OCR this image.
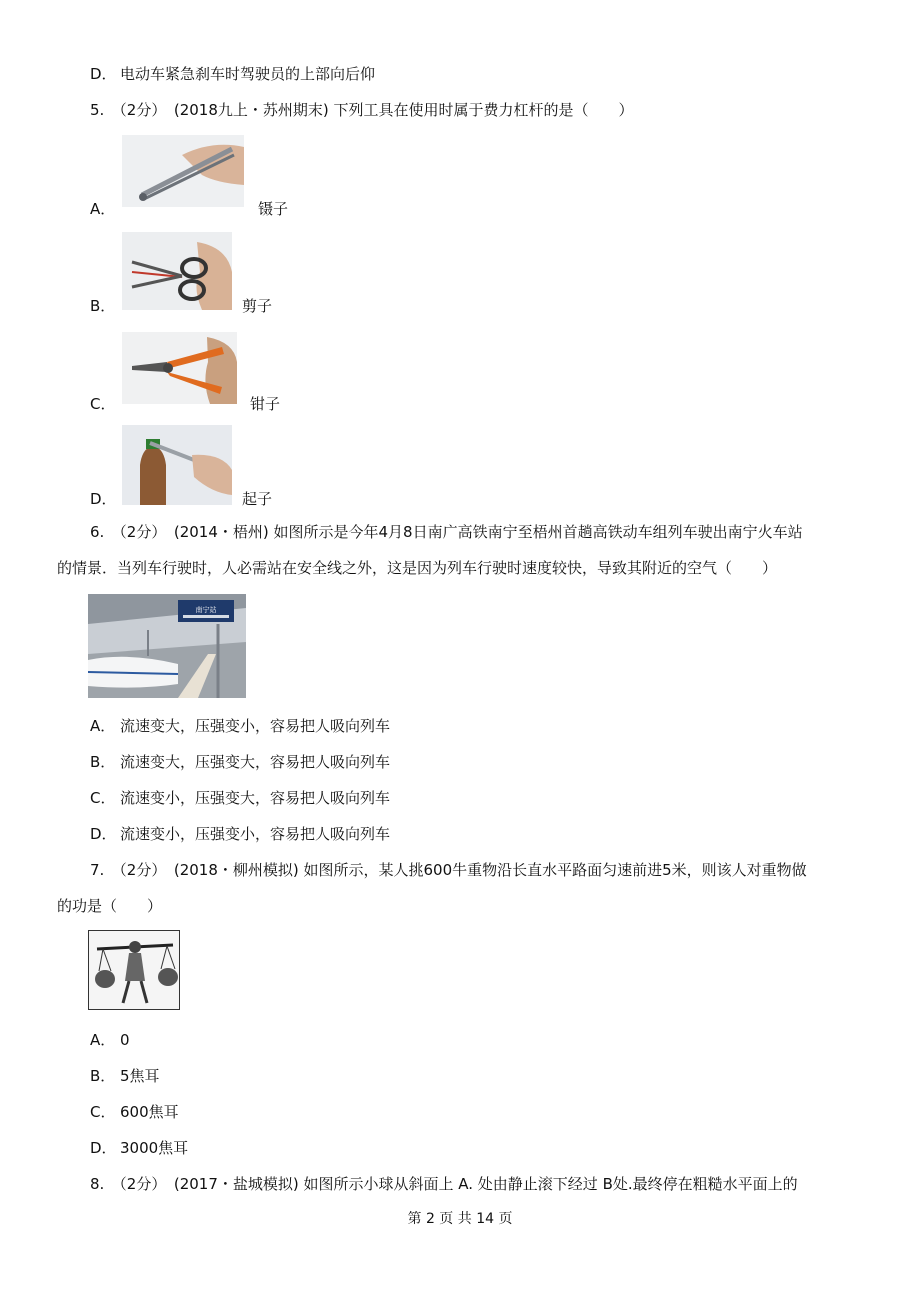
D． 电动车紧急刹车时驾驶员的上部向后仰
5.　（2分）　(2018九上・苏州期末) 下列工具在使用时属于费力杠杆的是（　　）
A．	镊子
B．	剪子
C．	钳子
D．	起子
6.　（2分）　(2014・梧州) 如图所示是今年4月8日南广高铁南宁至梧州首趟高铁动车组列车驶出南宁火车站
的情景．当列车行驶时，人必需站在安全线之外，这是因为列车行驶时速度较快，导致其附近的空气（　　）
南宁站
A． 流速变大，压强变小，容易把人吸向列车
B． 流速变大，压强变大，容易把人吸向列车
C． 流速变小，压强变大，容易把人吸向列车
D． 流速变小，压强变小，容易把人吸向列车
7.　（2分）　(2018・柳州模拟) 如图所示，某人挑600牛重物沿长直水平路面匀速前进5米，则该人对重物做
的功是（　　）
A． 0
B． 5焦耳
C． 600焦耳
D． 3000焦耳
8.　（2分）　(2017・盐城模拟) 如图所示小球从斜面上 A. 处由静止滚下经过 B处.最终停在粗糙水平面上的
第 2 页 共 14 页
